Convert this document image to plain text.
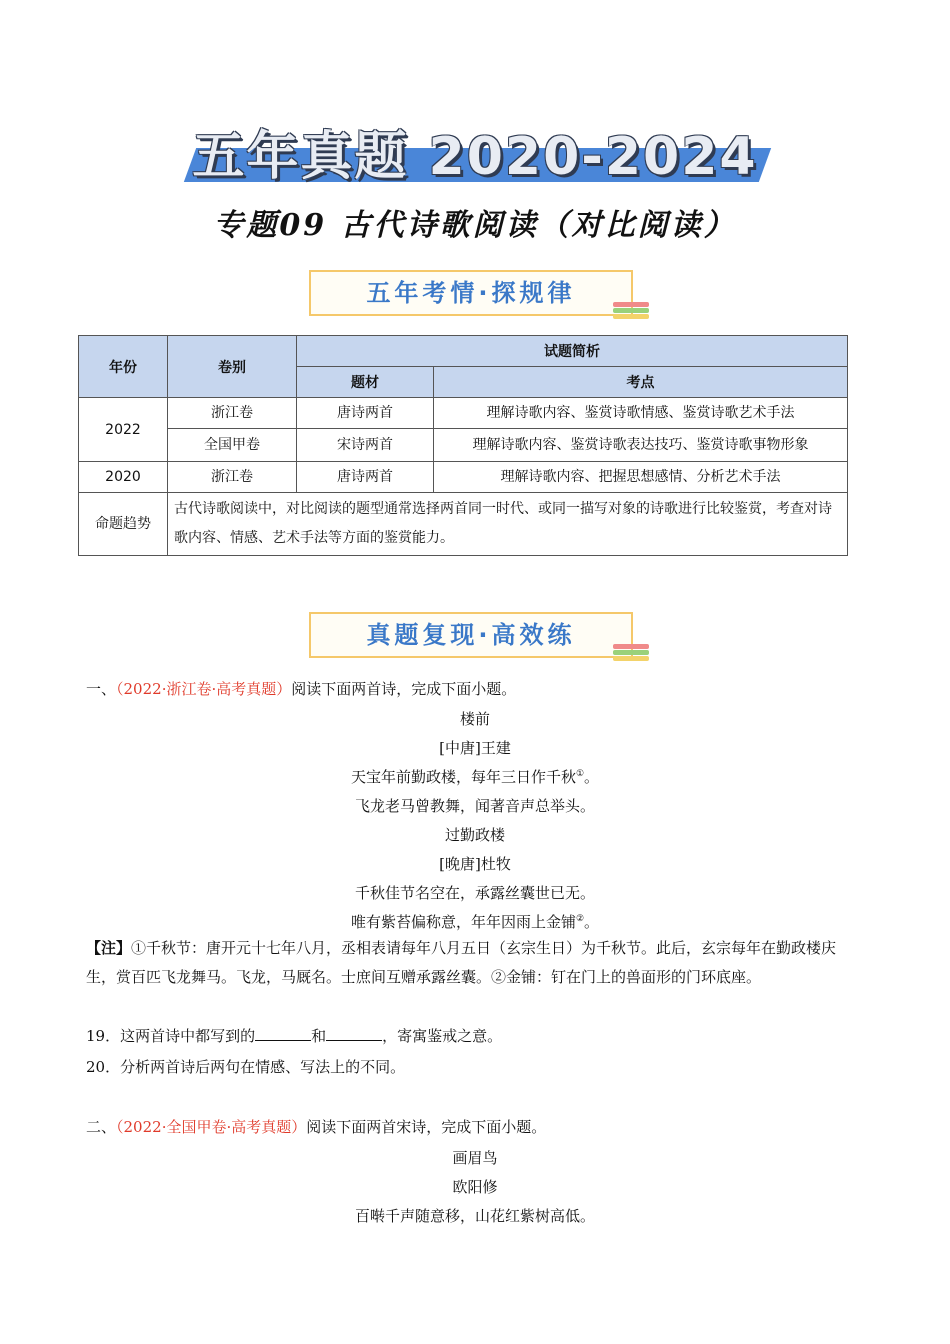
五年真题 2020-2024
专题09 古代诗歌阅读（对比阅读）
五年考情·探规律
年份	卷别	试题简析	
		题材	考点
2022	浙江卷	唐诗两首	理解诗歌内容、鉴赏诗歌情感、鉴赏诗歌艺术手法
	全国甲卷	宋诗两首	理解诗歌内容、鉴赏诗歌表达技巧、鉴赏诗歌事物形象
2020	浙江卷	唐诗两首	理解诗歌内容、把握思想感情、分析艺术手法
命题趋势	古代诗歌阅读中，对比阅读的题型通常选择两首同一时代、或同一描写对象的诗歌进行比较鉴赏，考查对诗歌内容、情感、艺术手法等方面的鉴赏能力。		
真题复现·高效练
一、（2022·浙江卷·高考真题）阅读下面两首诗，完成下面小题。
楼前
[中唐]王建
天宝年前勤政楼，每年三日作千秋①。
飞龙老马曾教舞，闻著音声总举头。
过勤政楼
[晚唐]杜牧
千秋佳节名空在，承露丝囊世已无。
唯有紫苔偏称意，年年因雨上金铺②。
【注】①千秋节：唐开元十七年八月，丞相表请每年八月五日（玄宗生日）为千秋节。此后，玄宗每年在勤政楼庆生，赏百匹飞龙舞马。飞龙，马厩名。士庶间互赠承露丝囊。②金铺：钉在门上的兽面形的门环底座。
19．这两首诗中都写到的	和	，寄寓鉴戒之意。
20．分析两首诗后两句在情感、写法上的不同。
二、（2022·全国甲卷·高考真题）阅读下面两首宋诗，完成下面小题。
画眉鸟
欧阳修
百啭千声随意移，山花红紫树高低。
